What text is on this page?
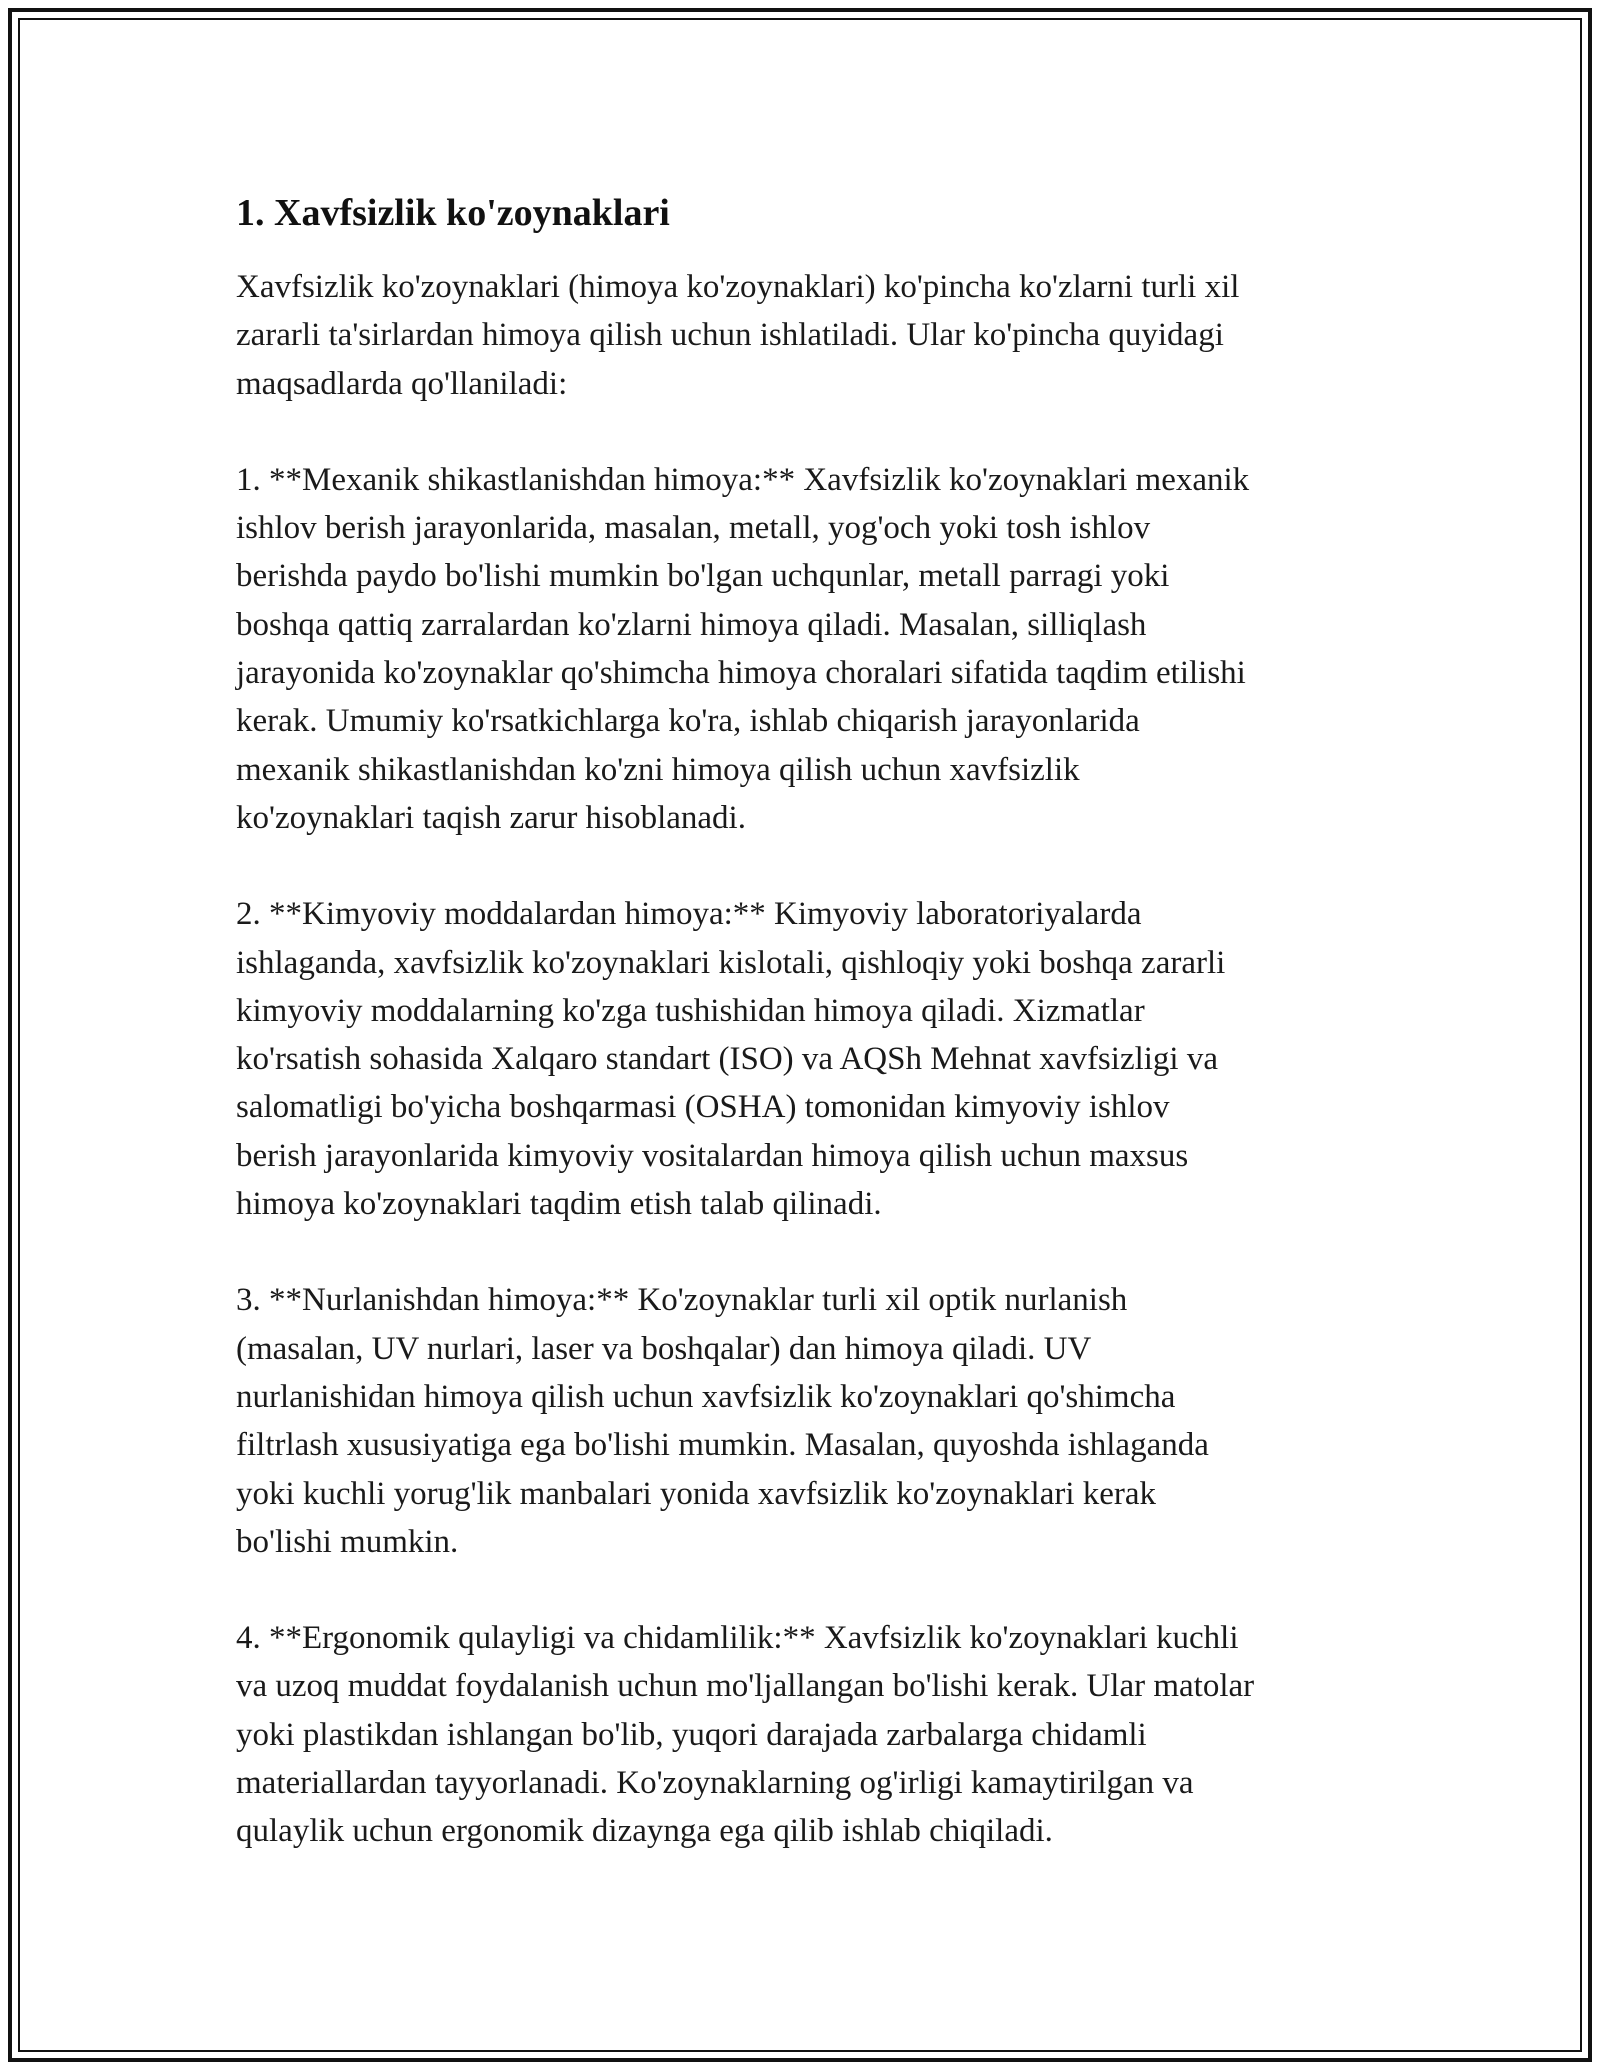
1. Xavfsizlik ko'zoynaklari

Xavfsizlik ko'zoynaklari (himoya ko'zoynaklari) ko'pincha ko'zlarni turli xil
zararli ta'sirlardan himoya qilish uchun ishlatiladi. Ular ko'pincha quyidagi
maqsadlarda qo'llaniladi:

1. **Mexanik shikastlanishdan himoya:** Xavfsizlik ko'zoynaklari mexanik
ishlov berish jarayonlarida, masalan, metall, yog'och yoki tosh ishlov
berishda paydo bo'lishi mumkin bo'lgan uchqunlar, metall parragi yoki
boshqa qattiq zarralardan ko'zlarni himoya qiladi. Masalan, silliqlash
jarayonida ko'zoynaklar qo'shimcha himoya choralari sifatida taqdim etilishi
kerak. Umumiy ko'rsatkichlarga ko'ra, ishlab chiqarish jarayonlarida
mexanik shikastlanishdan ko'zni himoya qilish uchun xavfsizlik
ko'zoynaklari taqish zarur hisoblanadi.

2. **Kimyoviy moddalardan himoya:** Kimyoviy laboratoriyalarda
ishlaganda, xavfsizlik ko'zoynaklari kislotali, qishloqiy yoki boshqa zararli
kimyoviy moddalarning ko'zga tushishidan himoya qiladi. Xizmatlar
ko'rsatish sohasida Xalqaro standart (ISO) va AQSh Mehnat xavfsizligi va
salomatligi bo'yicha boshqarmasi (OSHA) tomonidan kimyoviy ishlov
berish jarayonlarida kimyoviy vositalardan himoya qilish uchun maxsus
himoya ko'zoynaklari taqdim etish talab qilinadi.

3. **Nurlanishdan himoya:** Ko'zoynaklar turli xil optik nurlanish
(masalan, UV nurlari, laser va boshqalar) dan himoya qiladi. UV
nurlanishidan himoya qilish uchun xavfsizlik ko'zoynaklari qo'shimcha
filtrlash xususiyatiga ega bo'lishi mumkin. Masalan, quyoshda ishlaganda
yoki kuchli yorug'lik manbalari yonida xavfsizlik ko'zoynaklari kerak
bo'lishi mumkin.

4. **Ergonomik qulayligi va chidamlilik:** Xavfsizlik ko'zoynaklari kuchli
va uzoq muddat foydalanish uchun mo'ljallangan bo'lishi kerak. Ular matolar
yoki plastikdan ishlangan bo'lib, yuqori darajada zarbalarga chidamli
materiallardan tayyorlanadi. Ko'zoynaklarning og'irligi kamaytirilgan va
qulaylik uchun ergonomik dizaynga ega qilib ishlab chiqiladi.
